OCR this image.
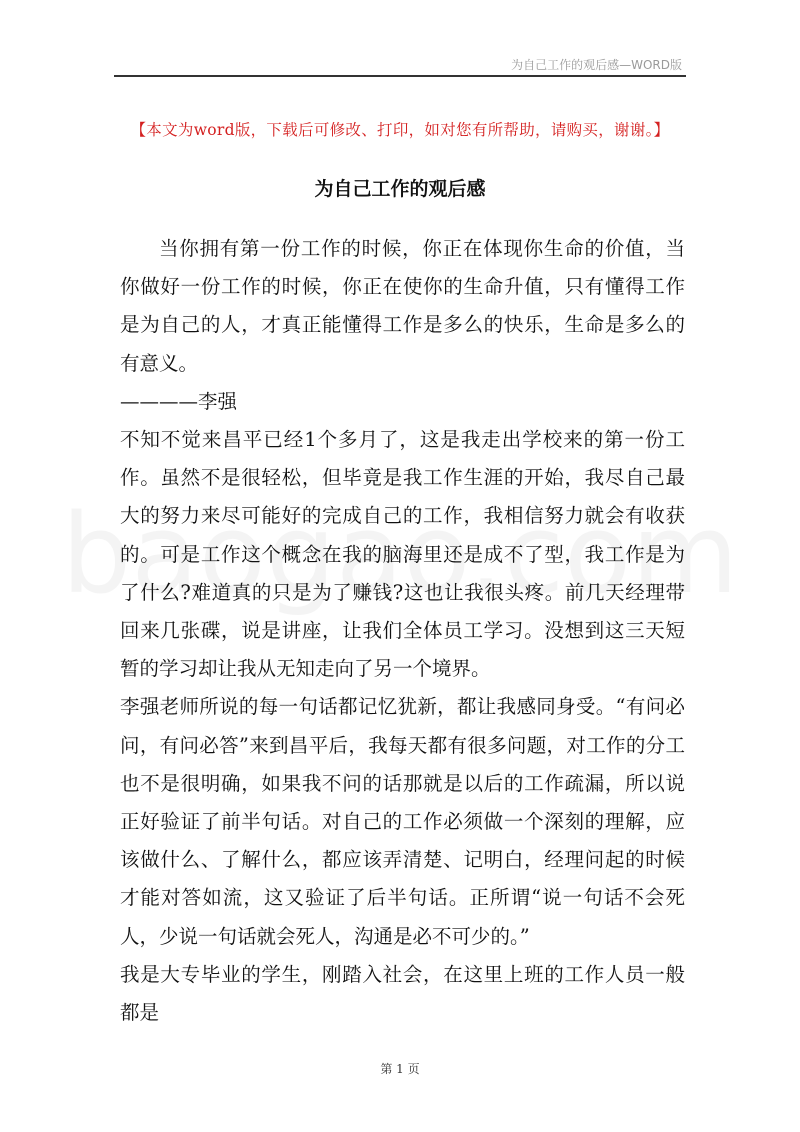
为自己工作的观后感—WORD版
【本文为word版，下载后可修改、打印，如对您有所帮助，请购买，谢谢。】
为自己工作的观后感

当你拥有第一份工作的时候，你正在体现你生命的价值，当你做好一份工作的时候，你正在使你的生命升值，只有懂得工作是为自己的人，才真正能懂得工作是多么的快乐，生命是多么的有意义。

————李强

不知不觉来昌平已经1个多月了，这是我走出学校来的第一份工作。虽然不是很轻松，但毕竟是我工作生涯的开始，我尽自己最大的努力来尽可能好的完成自己的工作，我相信努力就会有收获的。可是工作这个概念在我的脑海里还是成不了型，我工作是为了什么?难道真的只是为了赚钱?这也让我很头疼。前几天经理带回来几张碟，说是讲座，让我们全体员工学习。没想到这三天短暂的学习却让我从无知走向了另一个境界。

李强老师所说的每一句话都记忆犹新，都让我感同身受。“有问必问，有问必答”来到昌平后，我每天都有很多问题，对工作的分工也不是很明确，如果我不问的话那就是以后的工作疏漏，所以说正好验证了前半句话。对自己的工作必须做一个深刻的理解，应该做什么、了解什么，都应该弄清楚、记明白，经理问起的时候才能对答如流，这又验证了后半句话。正所谓“说一句话不会死人，少说一句话就会死人，沟通是必不可少的。”

我是大专毕业的学生，刚踏入社会，在这里上班的工作人员一般都是

第 1 页
